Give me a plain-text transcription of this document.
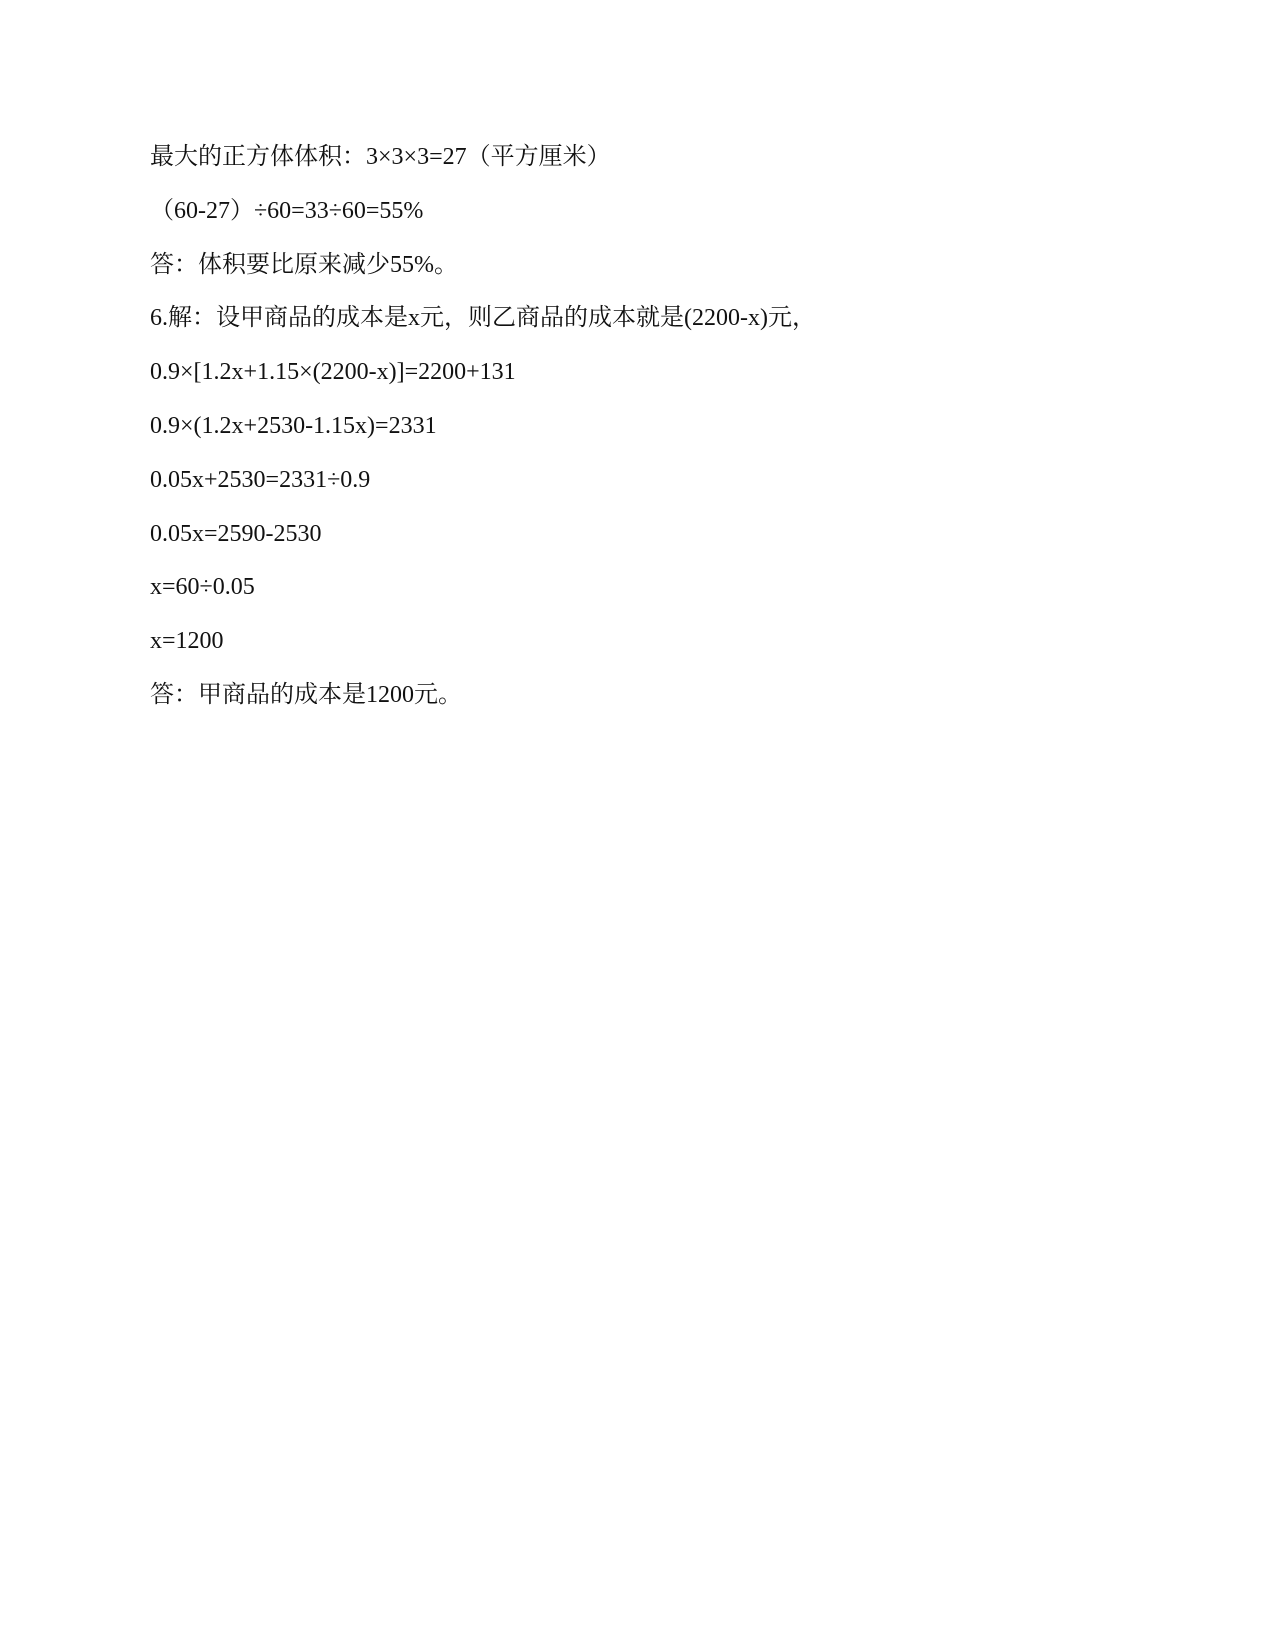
最大的正方体体积：3×3×3=27（平方厘米）
（60-27）÷60=33÷60=55%
答：体积要比原来减少55%。
6.解：设甲商品的成本是x元，则乙商品的成本就是(2200-x)元，
0.9×[1.2x+1.15×(2200-x)]=2200+131
0.9×(1.2x+2530-1.15x)=2331
0.05x+2530=2331÷0.9
0.05x=2590-2530
x=60÷0.05
x=1200
答：甲商品的成本是1200元。
